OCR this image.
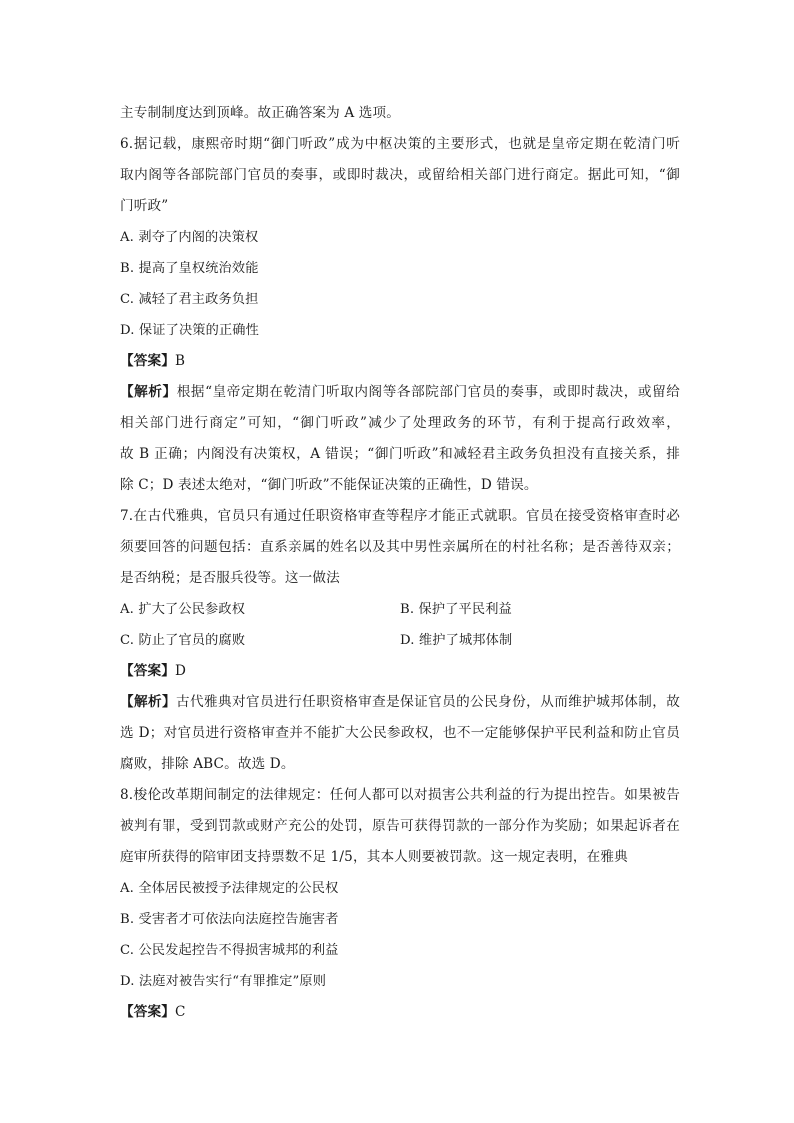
主专制制度达到顶峰。故正确答案为 A 选项。
6.据记载，康熙帝时期“御门听政”成为中枢决策的主要形式，也就是皇帝定期在乾清门听
取内阁等各部院部门官员的奏事，或即时裁决，或留给相关部门进行商定。据此可知，“御
门听政”
A. 剥夺了内阁的决策权
B. 提高了皇权统治效能
C. 减轻了君主政务负担
D. 保证了决策的正确性
【答案】B
【解析】根据“皇帝定期在乾清门听取内阁等各部院部门官员的奏事，或即时裁决，或留给
相关部门进行商定”可知，“御门听政”减少了处理政务的环节，有利于提高行政效率，
故 B 正确；内阁没有决策权，A 错误；“御门听政”和减轻君主政务负担没有直接关系，排
除 C；D 表述太绝对，“御门听政”不能保证决策的正确性，D 错误。
7.在古代雅典，官员只有通过任职资格审查等程序才能正式就职。官员在接受资格审查时必
须要回答的问题包括：直系亲属的姓名以及其中男性亲属所在的村社名称；是否善待双亲；
是否纳税；是否服兵役等。这一做法
A. 扩大了公民参政权	B. 保护了平民利益
C. 防止了官员的腐败	D. 维护了城邦体制
【答案】D
【解析】古代雅典对官员进行任职资格审查是保证官员的公民身份，从而维护城邦体制，故
选 D；对官员进行资格审查并不能扩大公民参政权，也不一定能够保护平民利益和防止官员
腐败，排除 ABC。故选 D。
8.梭伦改革期间制定的法律规定：任何人都可以对损害公共利益的行为提出控告。如果被告
被判有罪，受到罚款或财产充公的处罚，原告可获得罚款的一部分作为奖励；如果起诉者在
庭审所获得的陪审团支持票数不足 1/5，其本人则要被罚款。这一规定表明，在雅典
A. 全体居民被授予法律规定的公民权
B. 受害者才可依法向法庭控告施害者
C. 公民发起控告不得损害城邦的利益
D. 法庭对被告实行“有罪推定”原则
【答案】C
